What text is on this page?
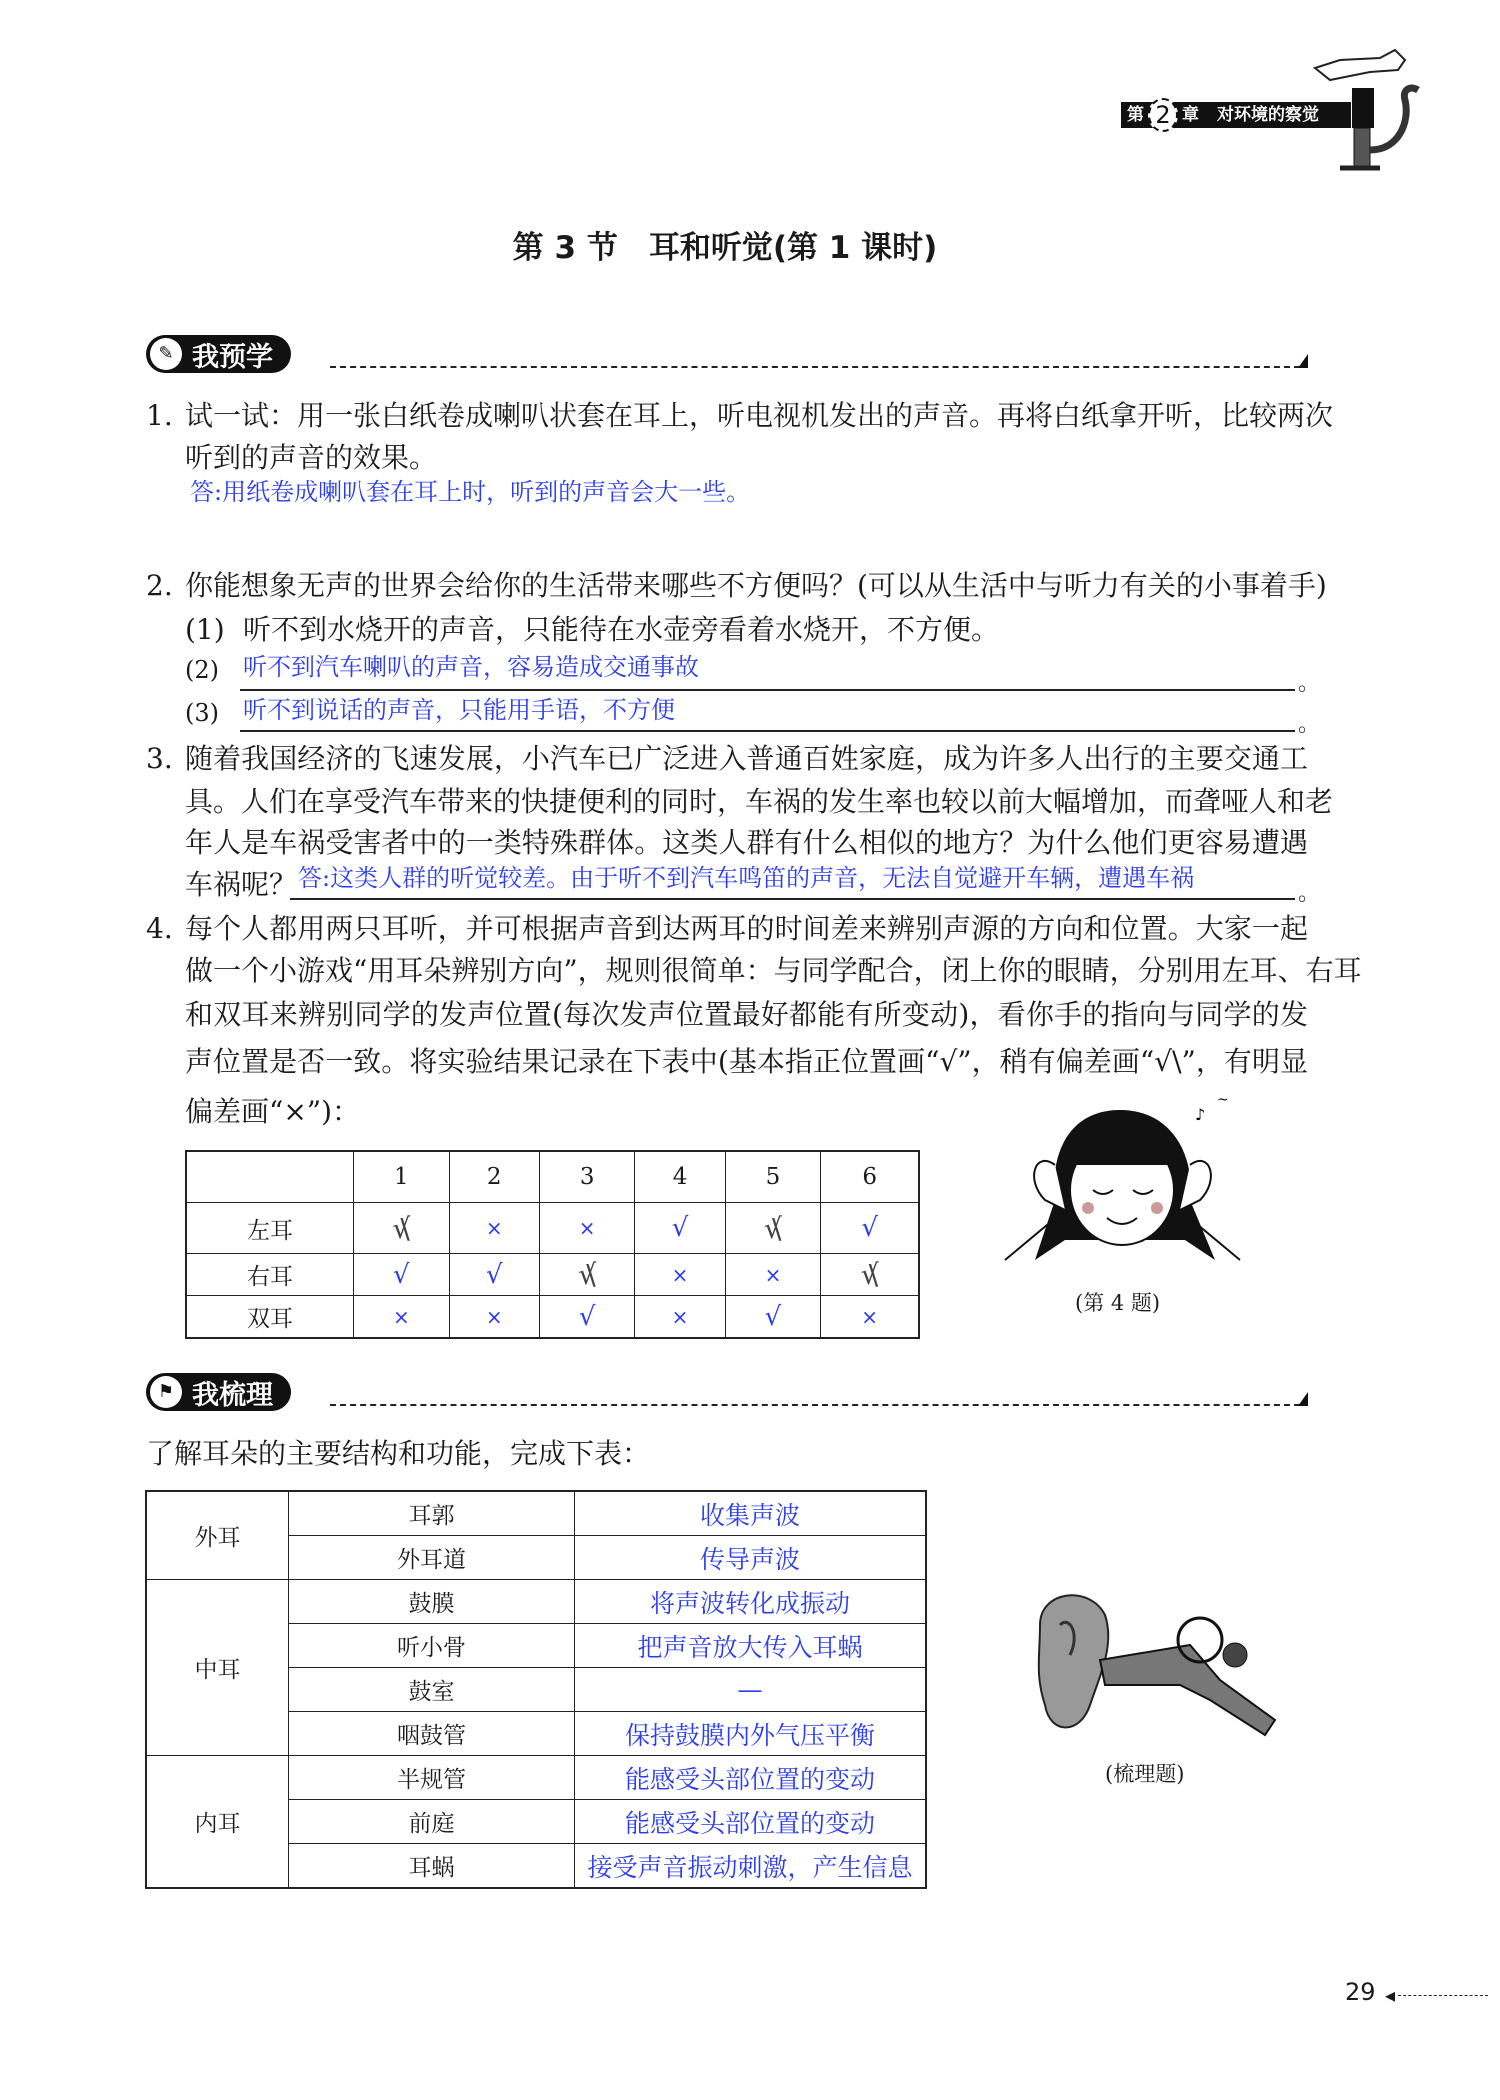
第 2 章 对环境的察觉
第 3 节　耳和听觉(第 1 课时)
✎ 我预学
1. 试一试：用一张白纸卷成喇叭状套在耳上，听电视机发出的声音。再将白纸拿开听，比较两次
听到的声音的效果。
答:用纸卷成喇叭套在耳上时，听到的声音会大一些。
2. 你能想象无声的世界会给你的生活带来哪些不方便吗？(可以从生活中与听力有关的小事着手)
(1) 听不到水烧开的声音，只能待在水壶旁看着水烧开，不方便。
(2) 听不到汽车喇叭的声音，容易造成交通事故
。
(3) 听不到说话的声音，只能用手语，不方便
。
3. 随着我国经济的飞速发展，小汽车已广泛进入普通百姓家庭，成为许多人出行的主要交通工
具。人们在享受汽车带来的快捷便利的同时，车祸的发生率也较以前大幅增加，而聋哑人和老
年人是车祸受害者中的一类特殊群体。这类人群有什么相似的地方？为什么他们更容易遭遇
车祸呢？ 答:这类人群的听觉较差。由于听不到汽车鸣笛的声音，无法自觉避开车辆，遭遇车祸
。
4. 每个人都用两只耳听，并可根据声音到达两耳的时间差来辨别声源的方向和位置。大家一起
做一个小游戏“用耳朵辨别方向”，规则很简单：与同学配合，闭上你的眼睛，分别用左耳、右耳
和双耳来辨别同学的发声位置(每次发声位置最好都能有所变动)，看你手的指向与同学的发
声位置是否一致。将实验结果记录在下表中(基本指正位置画“√”，稍有偏差画“√\”，有明显
偏差画“×”)：
	1	2	3	4	5	6
左耳	√ \	×	×	√	√ \	√
右耳	√	√	√ \	×	×	√ \
双耳	×	×	√	×	√	×
♪
~
(第 4 题)
⚑ 我梳理
了解耳朵的主要结构和功能，完成下表：
外耳	耳郭	收集声波
	外耳道	传导声波
中耳	鼓膜	将声波转化成振动
	听小骨	把声音放大传入耳蜗
	鼓室	—
	咽鼓管	保持鼓膜内外气压平衡
内耳	半规管	能感受头部位置的变动
	前庭	能感受头部位置的变动
	耳蜗	接受声音振动刺激，产生信息
(梳理题)
29 ◂
